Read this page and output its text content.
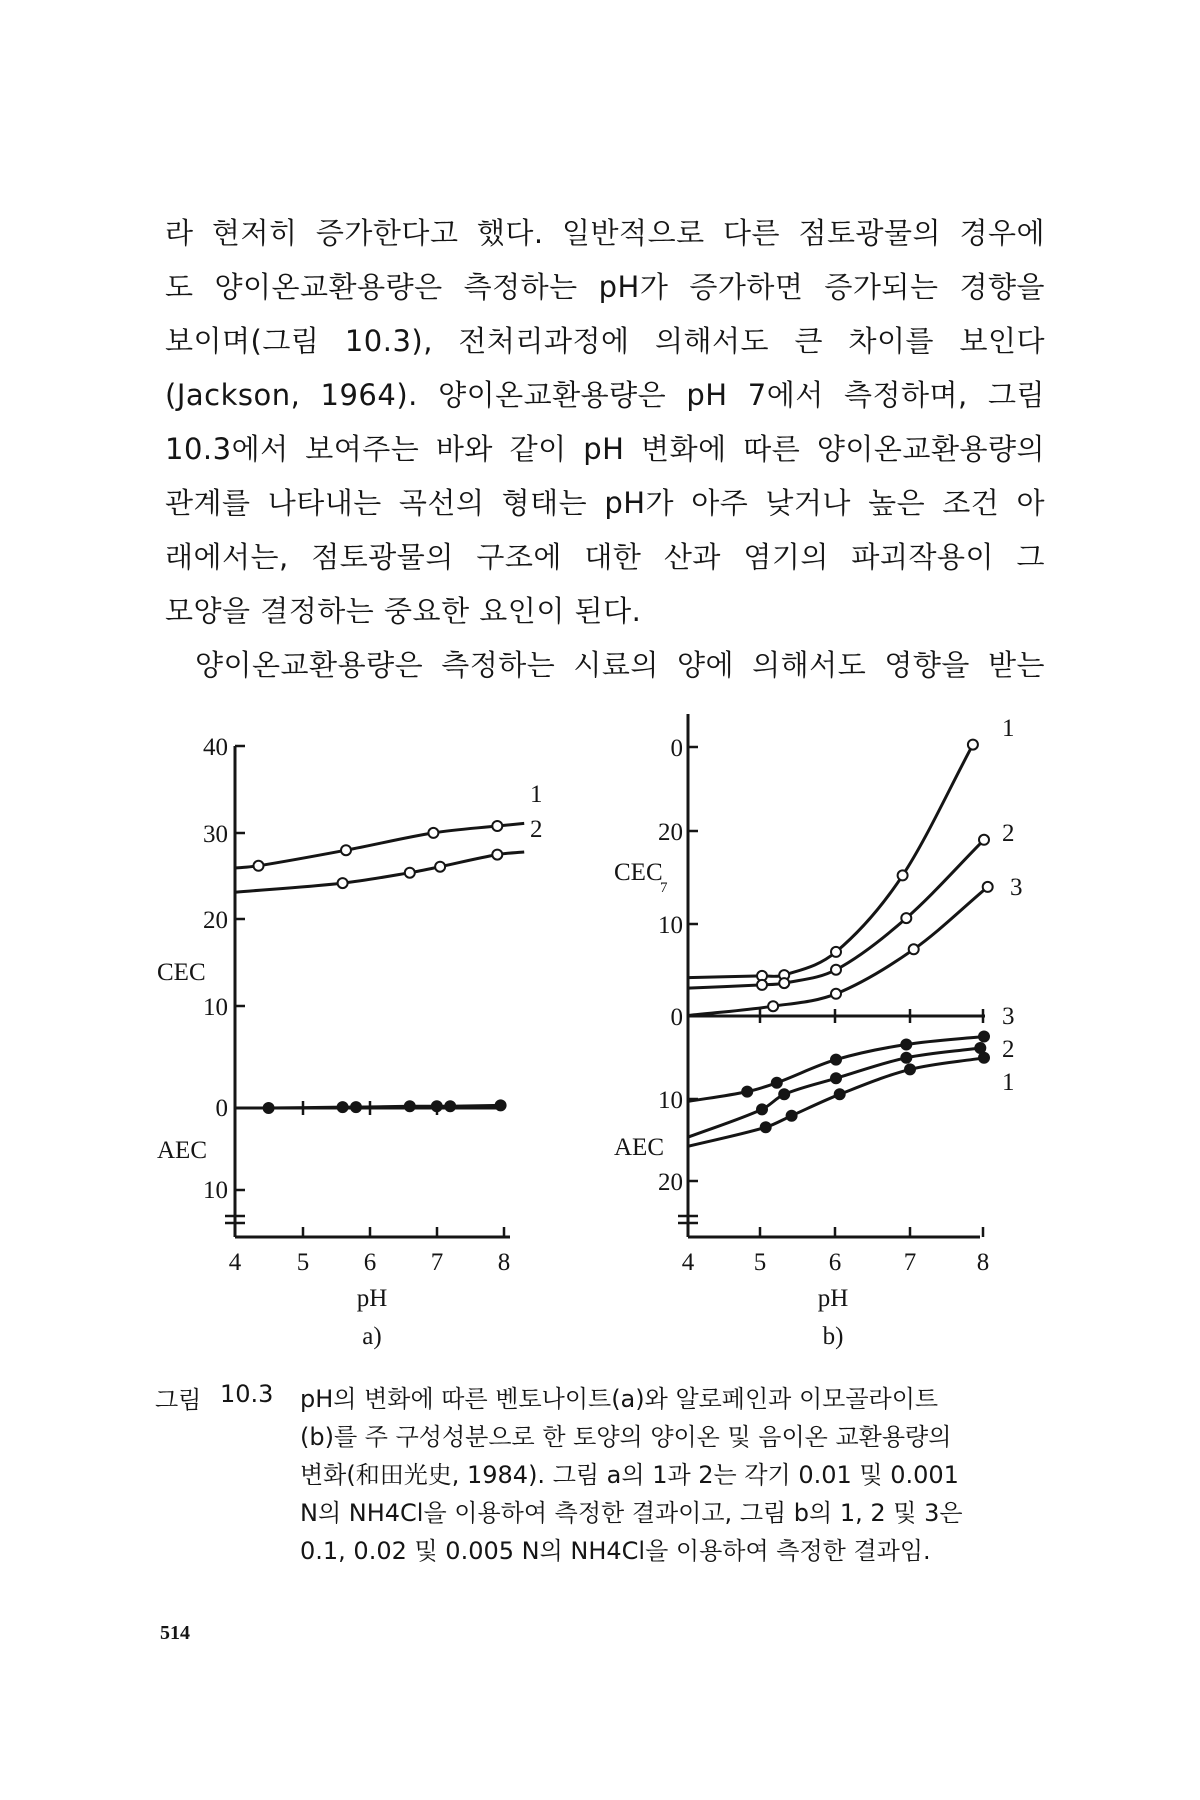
라 현저히 증가한다고 했다. 일반적으로 다른 점토광물의 경우에
도 양이온교환용량은 측정하는 pH가 증가하면 증가되는 경향을
보이며(그림 10.3), 전처리과정에 의해서도 큰 차이를 보인다
(Jackson, 1964). 양이온교환용량은 pH 7에서 측정하며, 그림
10.3에서 보여주는 바와 같이 pH 변화에 따른 양이온교환용량의
관계를 나타내는 곡선의 형태는 pH가 아주 낮거나 높은 조건 아
래에서는, 점토광물의 구조에 대한 산과 염기의 파괴작용이 그
모양을 결정하는 중요한 요인이 된다.
양이온교환용량은 측정하는 시료의 양에 의해서도 영향을 받는
40
30
20
10
0
10
CEC
AEC
4 5 6 7 8
pH
a)
1
2
0
20
10
0
10
20
CEC
7
AEC
4 5	6	7 8
pH
b)
1
2
3
3
2
1
그림 10.3 pH의 변화에 따른 벤토나이트(a)와 알로페인과 이모골라이트
(b)를 주 구성성분으로 한 토양의 양이온 및 음이온 교환용량의
변화(和田光史, 1984). 그림 a의 1과 2는 각기 0.01 및 0.001
N의 NH4Cl을 이용하여 측정한 결과이고, 그림 b의 1, 2 및 3은
0.1, 0.02 및 0.005 N의 NH4Cl을 이용하여 측정한 결과임.
514
